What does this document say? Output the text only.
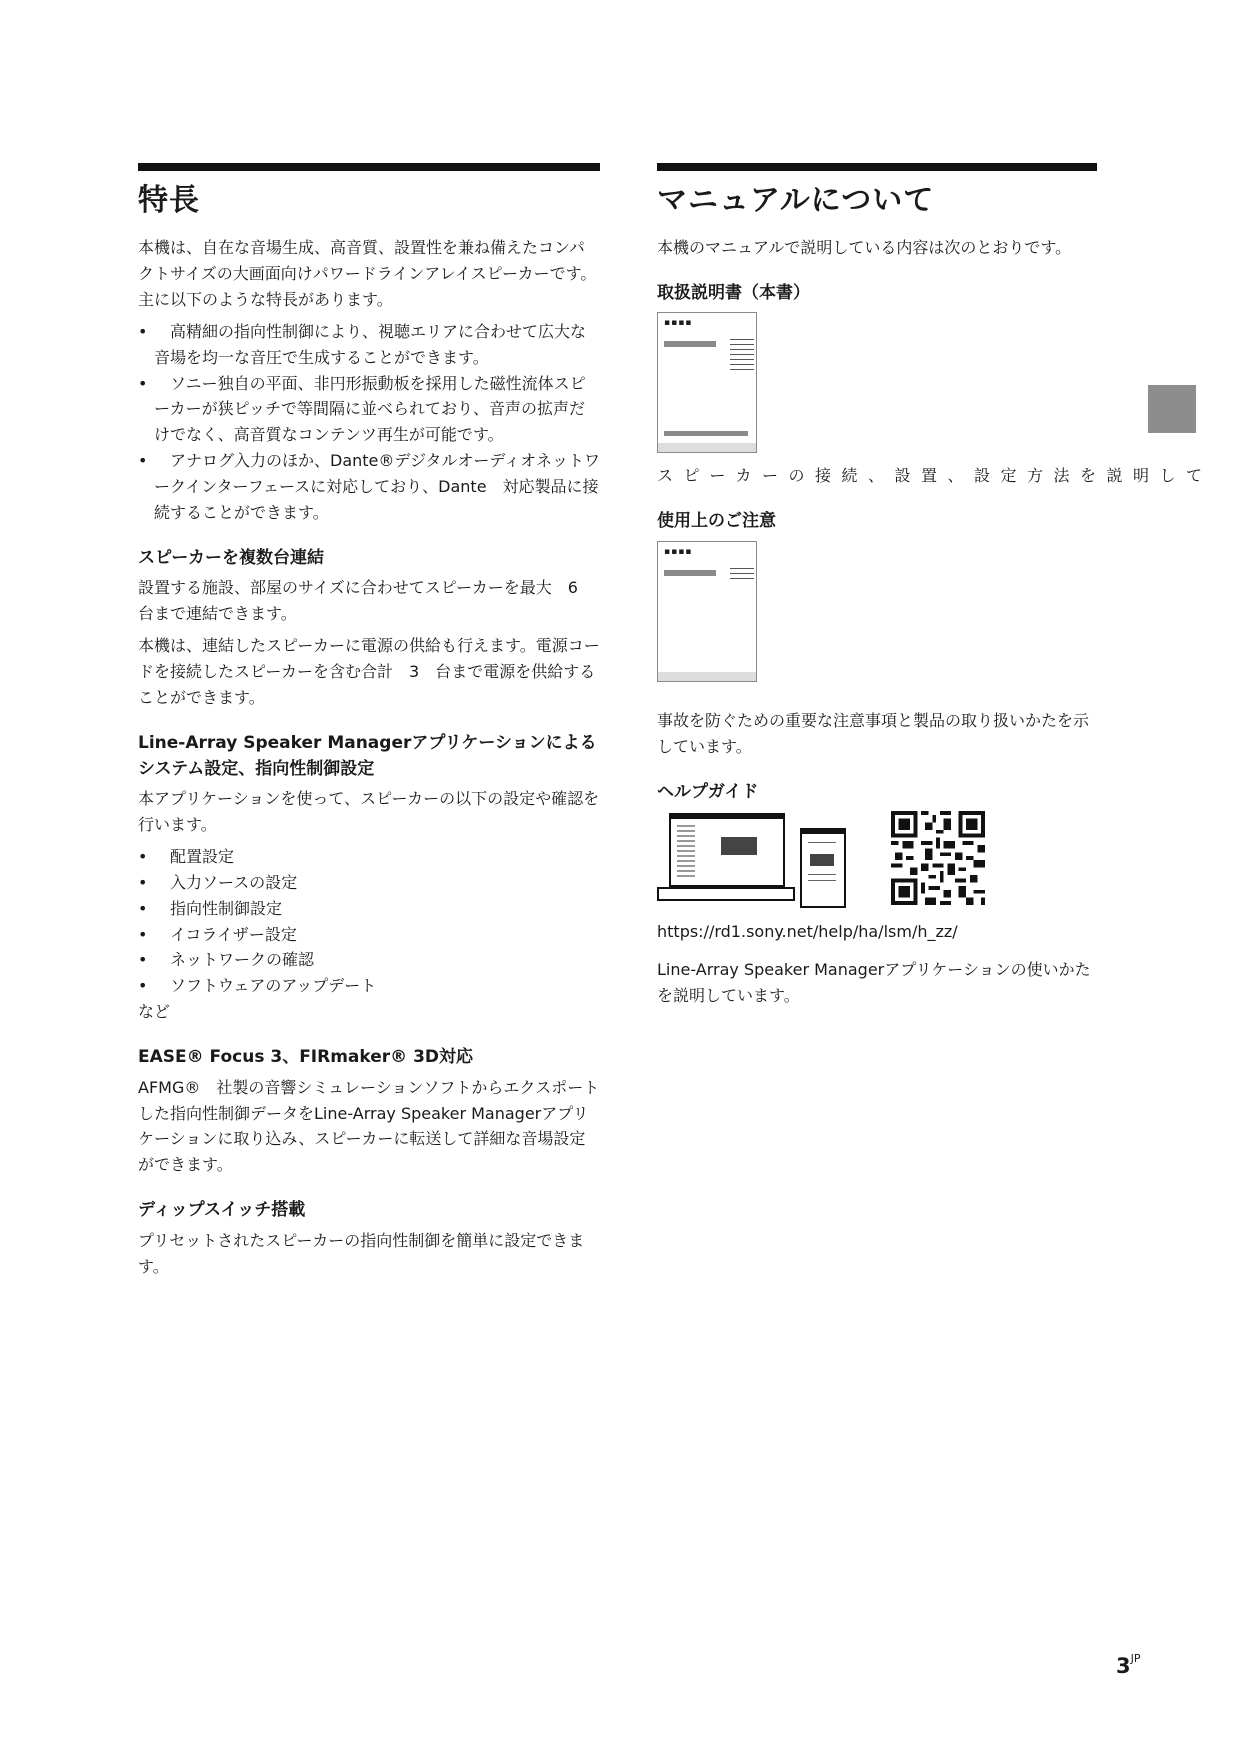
特長

本機は、自在な音場生成、高音質、設置性を兼ね備えたコンパクトサイズの大画面向けパワードラインアレイスピーカーです。主に以下のような特長があります。

• 高精細の指向性制御により、視聴エリアに合わせて広大な音場を均一な音圧で生成することができます。
• ソニー独自の平面、非円形振動板を採用した磁性流体スピーカーが狭ピッチで等間隔に並べられており、音声の拡声だけでなく、高音質なコンテンツ再生が可能です。
• アナログ入力のほか、Dante®デジタルオーディオネットワークインターフェースに対応しており、Dante　対応製品に接続することができます。
スピーカーを複数台連結

設置する施設、部屋のサイズに合わせてスピーカーを最大　6　台まで連結できます。

本機は、連結したスピーカーに電源の供給も行えます。電源コードを接続したスピーカーを含む合計　3　台まで電源を供給することができます。

Line-Array Speaker Managerアプリケーションによるシステム設定、指向性制御設定

本アプリケーションを使って、スピーカーの以下の設定や確認を行います。

• 配置設定
• 入力ソースの設定
• 指向性制御設定
• イコライザー設定
• ネットワークの確認
• ソフトウェアのアップデート

など

EASE® Focus 3、FIRmaker® 3D対応

AFMG®　社製の音響シミュレーションソフトからエクスポートした指向性制御データをLine-Array Speaker Managerアプリケーションに取り込み、スピーカーに転送して詳細な音場設定ができます。

ディップスイッチ搭載

プリセットされたスピーカーの指向性制御を簡単に設定できます。

マニュアルについて

本機のマニュアルで説明している内容は次のとおりです。

取扱説明書（本書）
▪▪▪▪

スピーカーの接続、設置、設定方法を説明して

使用上のご注意
▪▪▪▪

事故を防ぐための重要な注意事項と製品の取り扱いかたを示しています。

ヘルプガイド

https://rd1.sony.net/help/ha/lsm/h_zz/

Line-Array Speaker Managerアプリケーションの使いかたを説明しています。

$3^{JP}$
